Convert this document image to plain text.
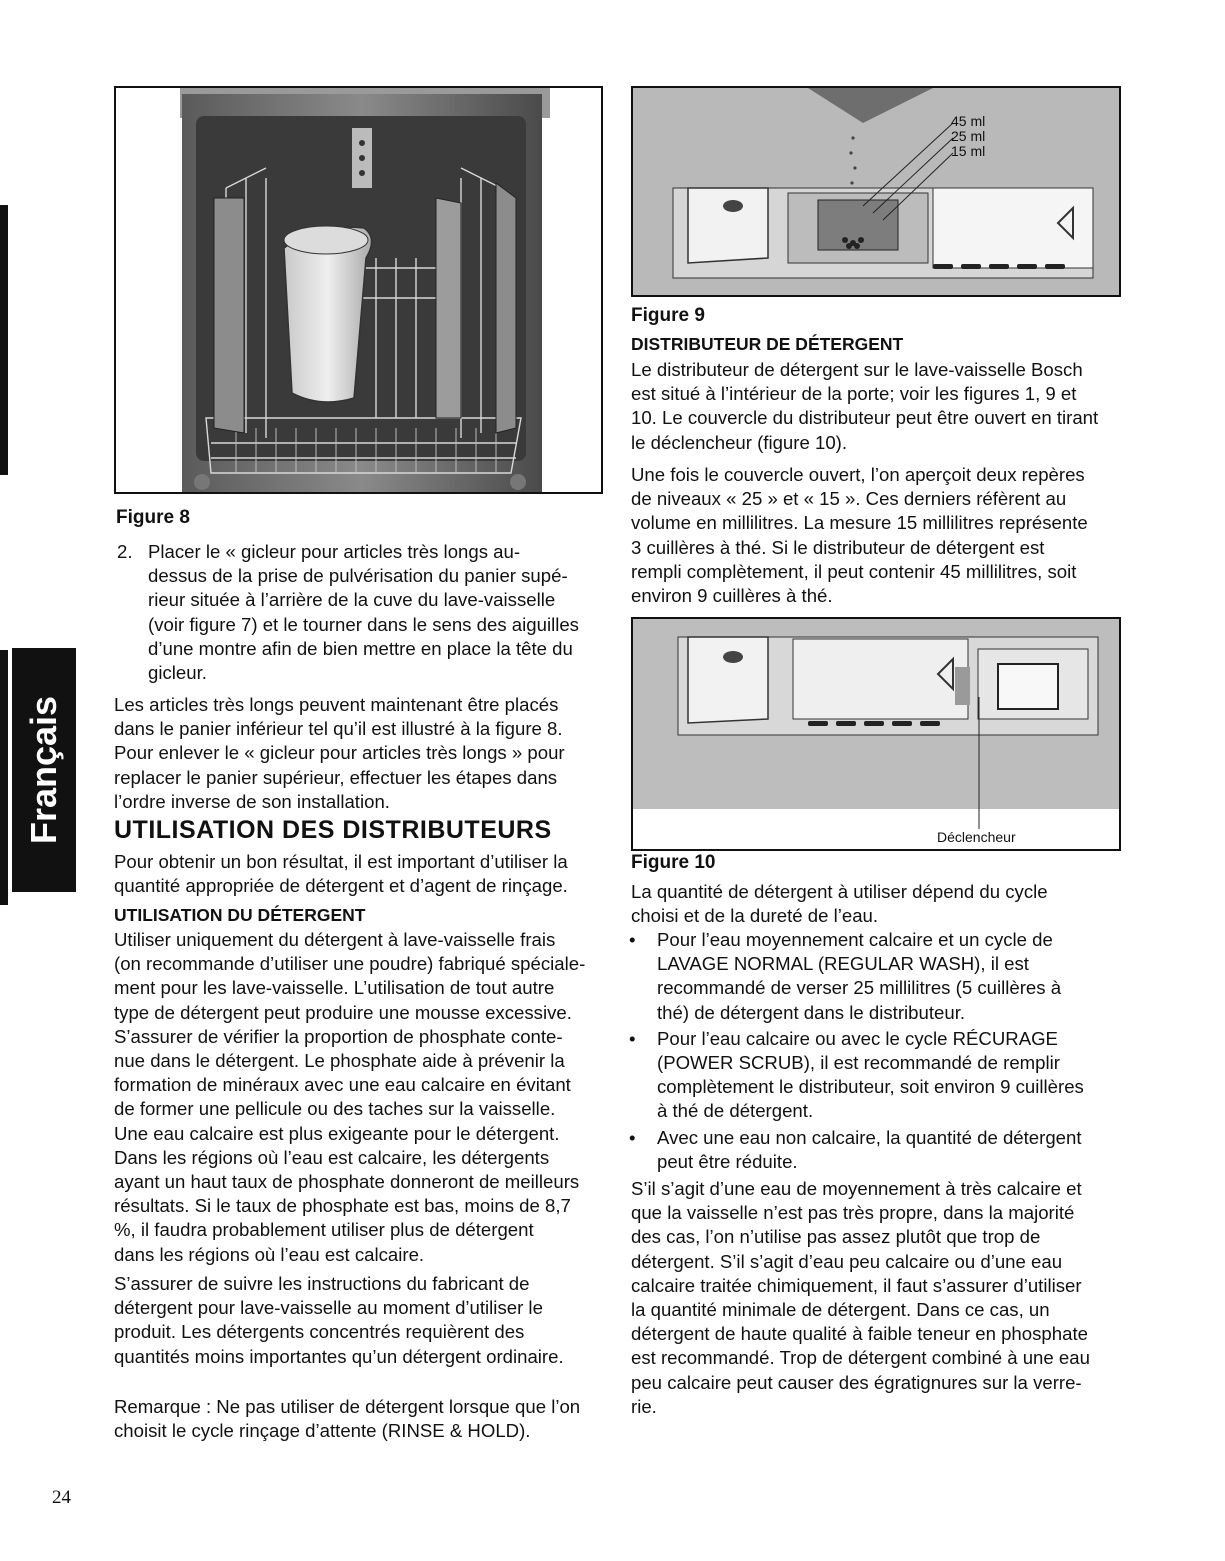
Français
Figure 8
2. Placer le « gicleur pour articles très longs au-
dessus de la prise de pulvérisation du panier supé-
rieur située à l’arrière de la cuve du lave-vaisselle
(voir figure 7) et le tourner dans le sens des aiguilles
d’une montre afin de bien mettre en place la tête du
gicleur.
Les articles très longs peuvent maintenant être placés
dans le panier inférieur tel qu’il est illustré à la figure 8.
Pour enlever le « gicleur pour articles très longs » pour
replacer le panier supérieur, effectuer les étapes dans
l’ordre inverse de son installation.
UTILISATION DES DISTRIBUTEURS
Pour obtenir un bon résultat, il est important d’utiliser la
quantité appropriée de détergent et d’agent de rinçage.
UTILISATION DU DÉTERGENT
Utiliser uniquement du détergent à lave-vaisselle frais
(on recommande d’utiliser une poudre) fabriqué spéciale-
ment pour les lave-vaisselle. L’utilisation de tout autre
type de détergent peut produire une mousse excessive.
S’assurer de vérifier la proportion de phosphate conte-
nue dans le détergent. Le phosphate aide à prévenir la
formation de minéraux avec une eau calcaire en évitant
de former une pellicule ou des taches sur la vaisselle.
Une eau calcaire est plus exigeante pour le détergent.
Dans les régions où l’eau est calcaire, les détergents
ayant un haut taux de phosphate donneront de meilleurs
résultats. Si le taux de phosphate est bas, moins de 8,7
%, il faudra probablement utiliser plus de détergent
dans les régions où l’eau est calcaire.
S’assurer de suivre les instructions du fabricant de
détergent pour lave-vaisselle au moment d’utiliser le
produit. Les détergents concentrés requièrent des
quantités moins importantes qu’un détergent ordinaire.
Remarque : Ne pas utiliser de détergent lorsque que l’on
choisit le cycle rinçage d’attente (RINSE & HOLD).
24
45 ml
25 ml
15 ml
Figure 9
DISTRIBUTEUR DE DÉTERGENT
Le distributeur de détergent sur le lave-vaisselle Bosch
est situé à l’intérieur de la porte; voir les figures 1, 9 et
10. Le couvercle du distributeur peut être ouvert en tirant
le déclencheur (figure 10).
Une fois le couvercle ouvert, l’on aperçoit deux repères
de niveaux « 25 » et « 15 ». Ces derniers réfèrent au
volume en millilitres. La mesure 15 millilitres représente
3 cuillères à thé. Si le distributeur de détergent est
rempli complètement, il peut contenir 45 millilitres, soit
environ 9 cuillères à thé.
Déclencheur
Figure 10
La quantité de détergent à utiliser dépend du cycle
choisi et de la dureté de l’eau.
• Pour l’eau moyennement calcaire et un cycle de
LAVAGE NORMAL (REGULAR WASH), il est
recommandé de verser 25 millilitres (5 cuillères à
thé) de détergent dans le distributeur.
• Pour l’eau calcaire ou avec le cycle RÉCURAGE
(POWER SCRUB), il est recommandé de remplir
complètement le distributeur, soit environ 9 cuillères
à thé de détergent.
• Avec une eau non calcaire, la quantité de détergent
peut être réduite.
S’il s’agit d’une eau de moyennement à très calcaire et
que la vaisselle n’est pas très propre, dans la majorité
des cas, l’on n’utilise pas assez plutôt que trop de
détergent. S’il s’agit d’eau peu calcaire ou d’une eau
calcaire traitée chimiquement, il faut s’assurer d’utiliser
la quantité minimale de détergent. Dans ce cas, un
détergent de haute qualité à faible teneur en phosphate
est recommandé. Trop de détergent combiné à une eau
peu calcaire peut causer des égratignures sur la verre-
rie.
